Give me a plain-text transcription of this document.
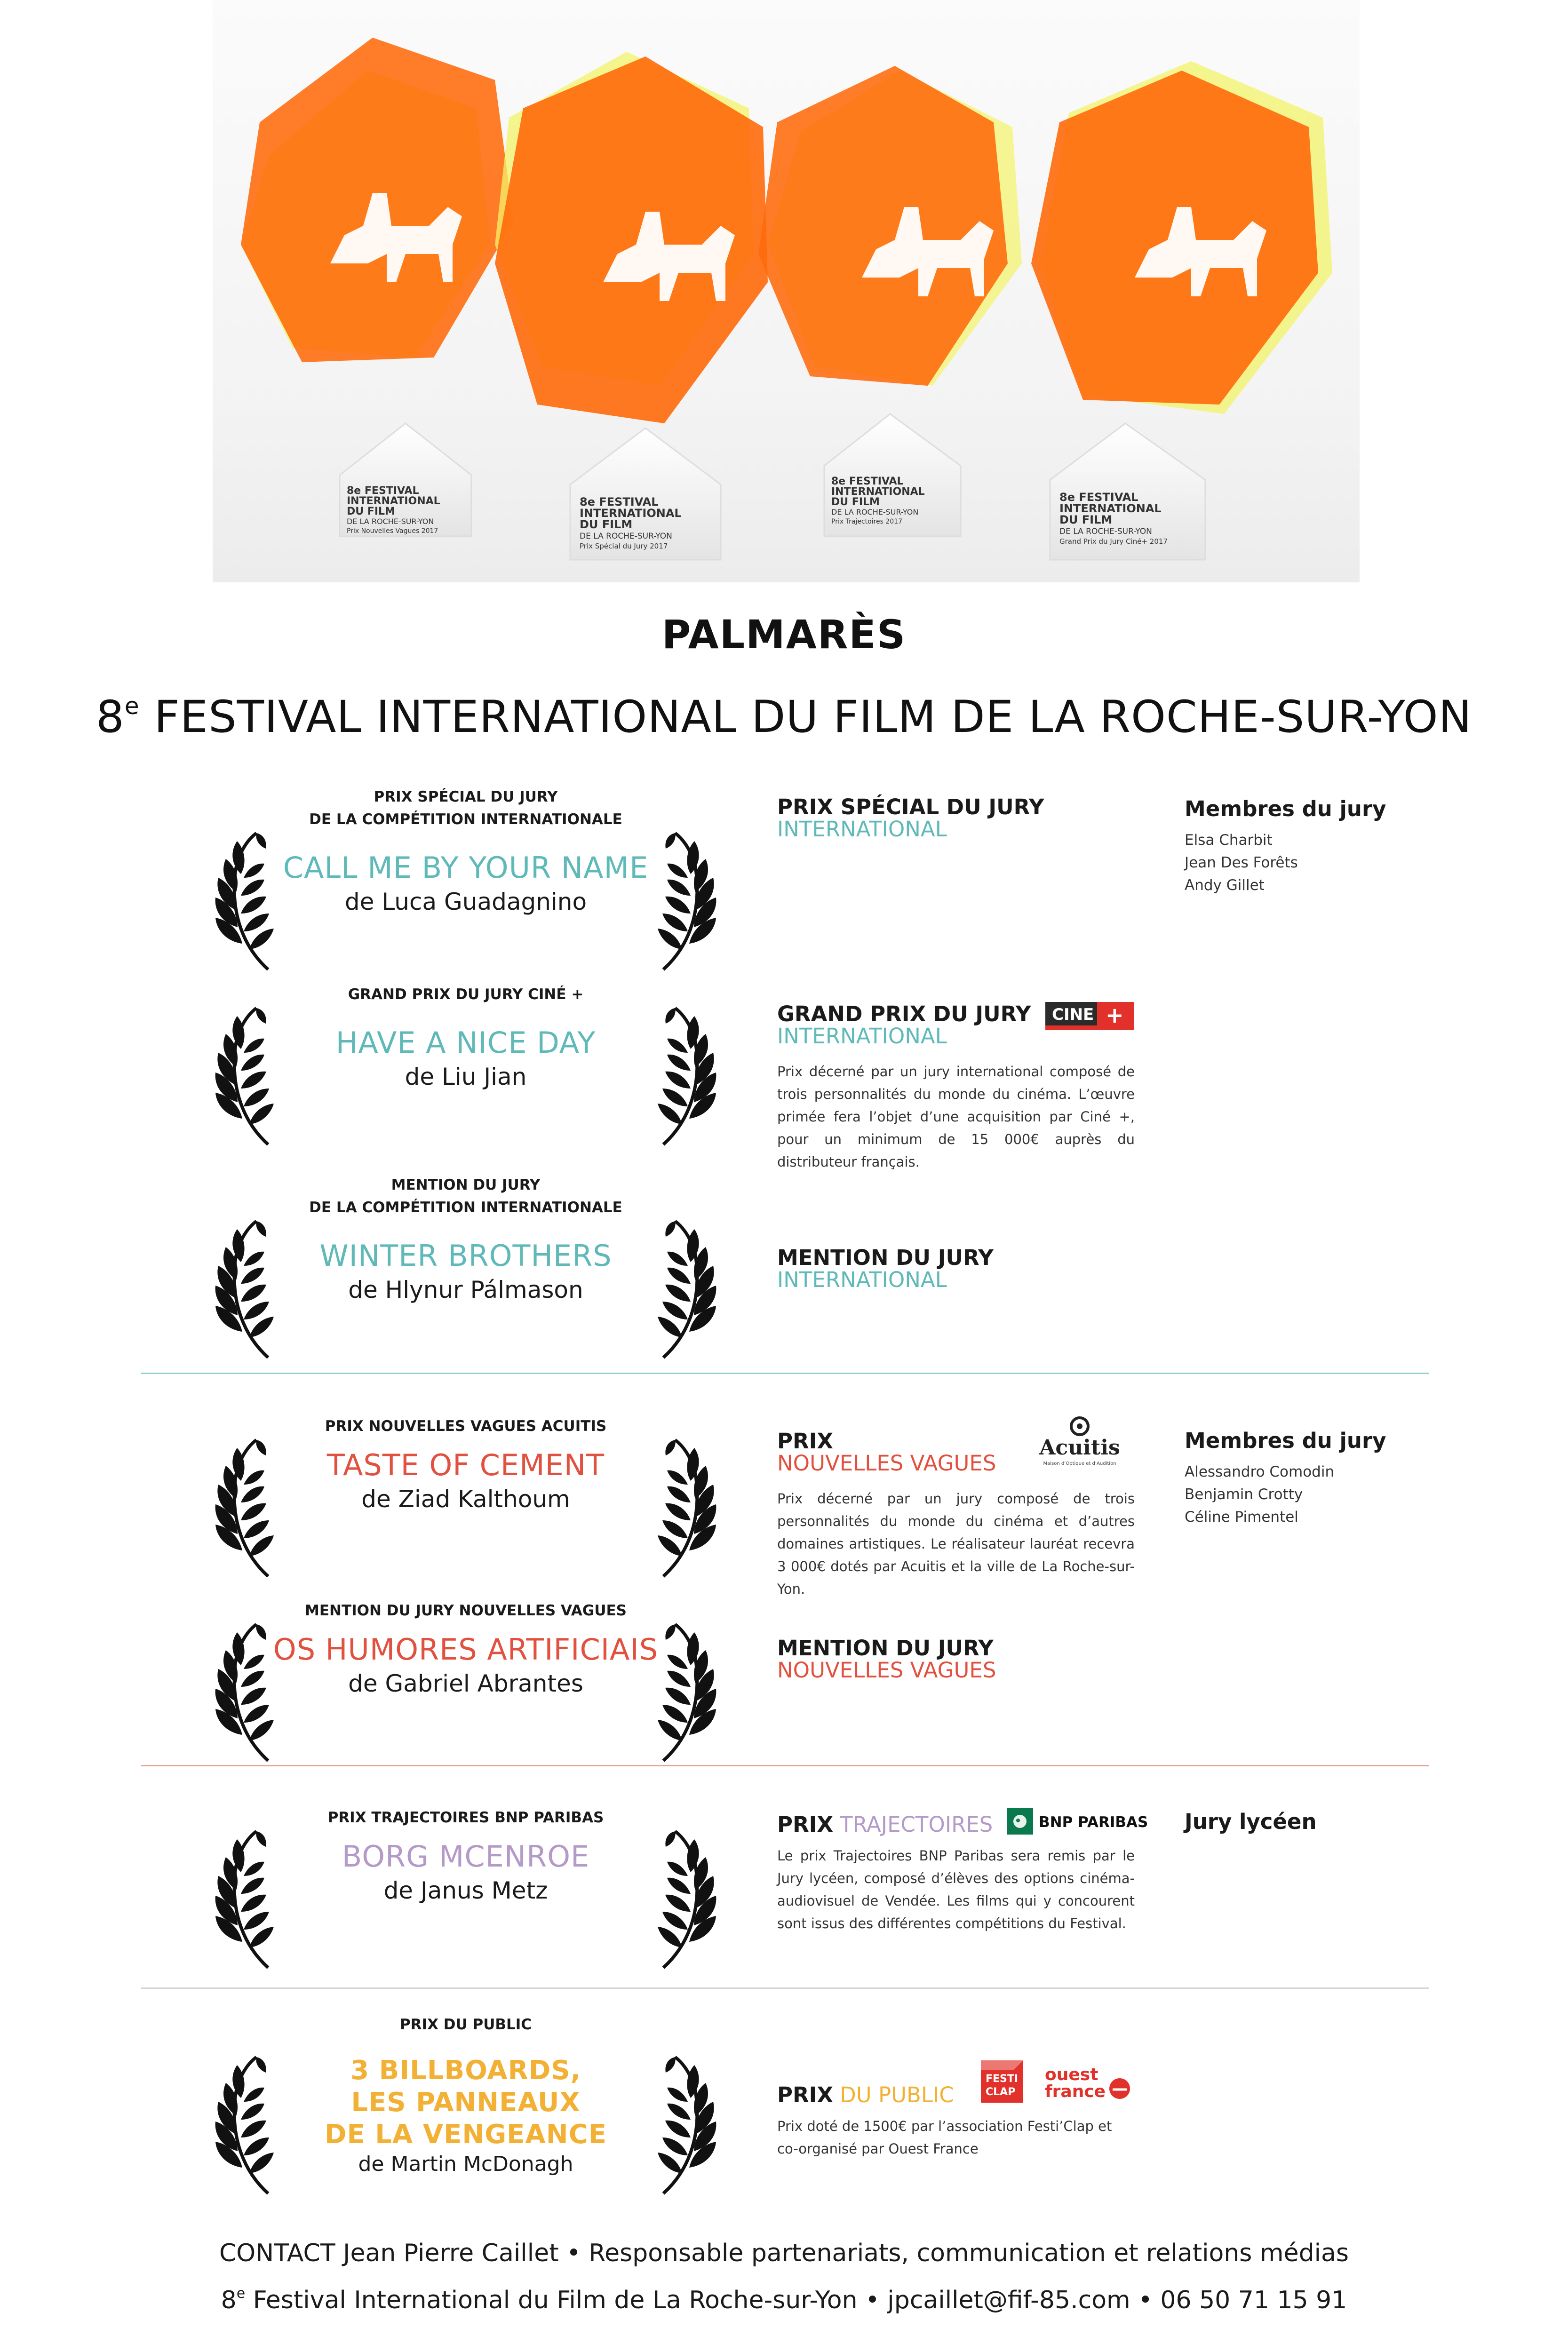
8e FESTIVAL
INTERNATIONAL
DU FILM
DE LA ROCHE-SUR-YON
Prix Nouvelles Vagues 2017
8e FESTIVAL
INTERNATIONAL
DU FILM
DE LA ROCHE-SUR-YON
Prix Spécial du Jury 2017
8e FESTIVAL
INTERNATIONAL
DU FILM
DE LA ROCHE-SUR-YON
Prix Trajectoires 2017
8e FESTIVAL
INTERNATIONAL
DU FILM
DE LA ROCHE-SUR-YON
Grand Prix du Jury Ciné+ 2017
PALMARÈS
8e FESTIVAL INTERNATIONAL DU FILM DE LA ROCHE-SUR-YON
PRIX SPÉCIAL DU JURY
DE LA COMPÉTITION INTERNATIONALE
CALL ME BY YOUR NAME
de Luca Guadagnino
GRAND PRIX DU JURY CINÉ +
HAVE A NICE DAY
de Liu Jian
MENTION DU JURY
DE LA COMPÉTITION INTERNATIONALE
WINTER BROTHERS
de Hlynur Pálmason
PRIX NOUVELLES VAGUES ACUITIS
TASTE OF CEMENT
de Ziad Kalthoum
MENTION DU JURY NOUVELLES VAGUES
OS HUMORES ARTIFICIAIS
de Gabriel Abrantes
PRIX TRAJECTOIRES BNP PARIBAS
BORG MCENROE
de Janus Metz
PRIX DU PUBLIC
3 BILLBOARDS,
LES PANNEAUX
DE LA VENGEANCE
de Martin McDonagh
PRIX SPÉCIAL DU JURY
INTERNATIONAL
GRAND PRIX DU JURY
INTERNATIONAL
Prix décerné par un jury international composé de trois personnalités du monde du cinéma. L’œuvre primée fera l’objet d’une acquisition par Ciné +, pour un minimum de 15 000€ auprès du distributeur français.
MENTION DU JURY
INTERNATIONAL
PRIX
NOUVELLES VAGUES
Prix décerné par un jury composé de trois personnalités du monde du cinéma et d’autres domaines artistiques. Le réalisateur lauréat recevra 3 000€ dotés par Acuitis et la ville de La Roche-sur-Yon.
MENTION DU JURY
NOUVELLES VAGUES
PRIX TRAJECTOIRES
Le prix Trajectoires BNP Paribas sera remis par le Jury lycéen, composé d’élèves des options cinéma-audiovisuel de Vendée. Les films qui y concourent sont issus des différentes compétitions du Festival.
PRIX DU PUBLIC
Prix doté de 1500€ par l’association Festi’Clap et co-organisé par Ouest France
Membres du jury
Elsa Charbit
Jean Des Forêts
Andy Gillet
Membres du jury
Alessandro Comodin
Benjamin Crotty
Céline Pimentel
Jury lycéen
CINE +
Acuitis
Maison d’Optique et d’Audition
BNP PARIBAS
FESTI
CLAP
ouest
france
CONTACT Jean Pierre Caillet • Responsable partenariats, communication et relations médias
8e Festival International du Film de La Roche-sur-Yon • jpcaillet@fif-85.com • 06 50 71 15 91
